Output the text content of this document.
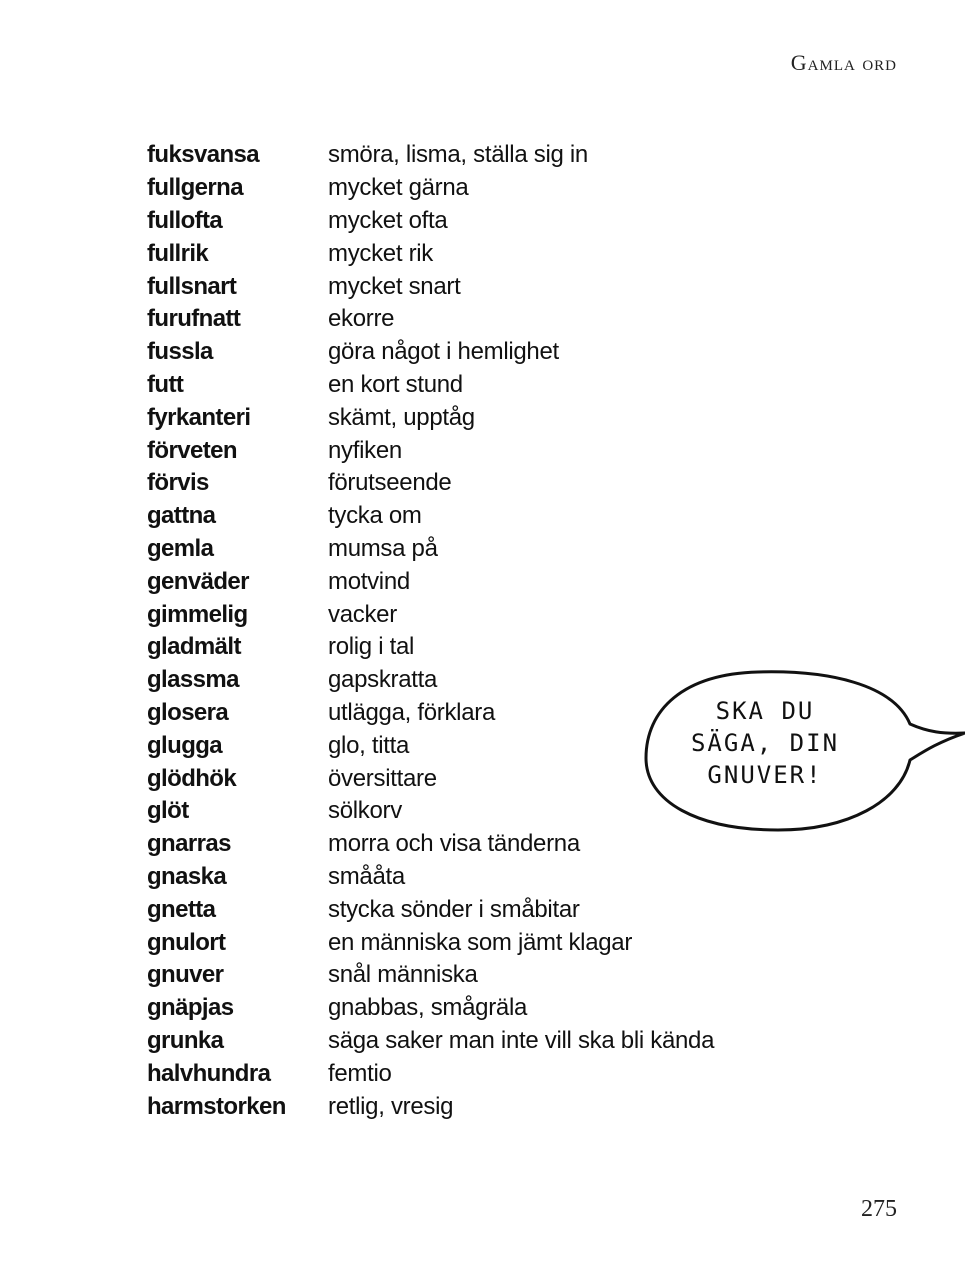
Gamla ord
fuksvansa	smöra, lisma, ställa sig in
fullgerna	mycket gärna
fullofta	mycket ofta
fullrik	mycket rik
fullsnart	mycket snart
furufnatt	ekorre
fussla	göra något i hemlighet
futt	en kort stund
fyrkanteri	skämt, upptåg
förveten	nyfiken
förvis	förutseende
gattna	tycka om
gemla	mumsa på
genväder	motvind
gimmelig	vacker
gladmält	rolig i tal
glassma	gapskratta
glosera	utlägga, förklara
glugga	glo, titta
glödhök	översittare
glöt	sölkorv
gnarras	morra och visa tänderna
gnaska	smååta
gnetta	stycka sönder i småbitar
gnulort	en människa som jämt klagar
gnuver	snål människa
gnäpjas	gnabbas, smågräla
grunka	säga saker man inte vill ska bli kända
halvhundra	femtio
harmstorken	retlig, vresig
SKA DU
SÄGA, DIN
GNUVER!
275
